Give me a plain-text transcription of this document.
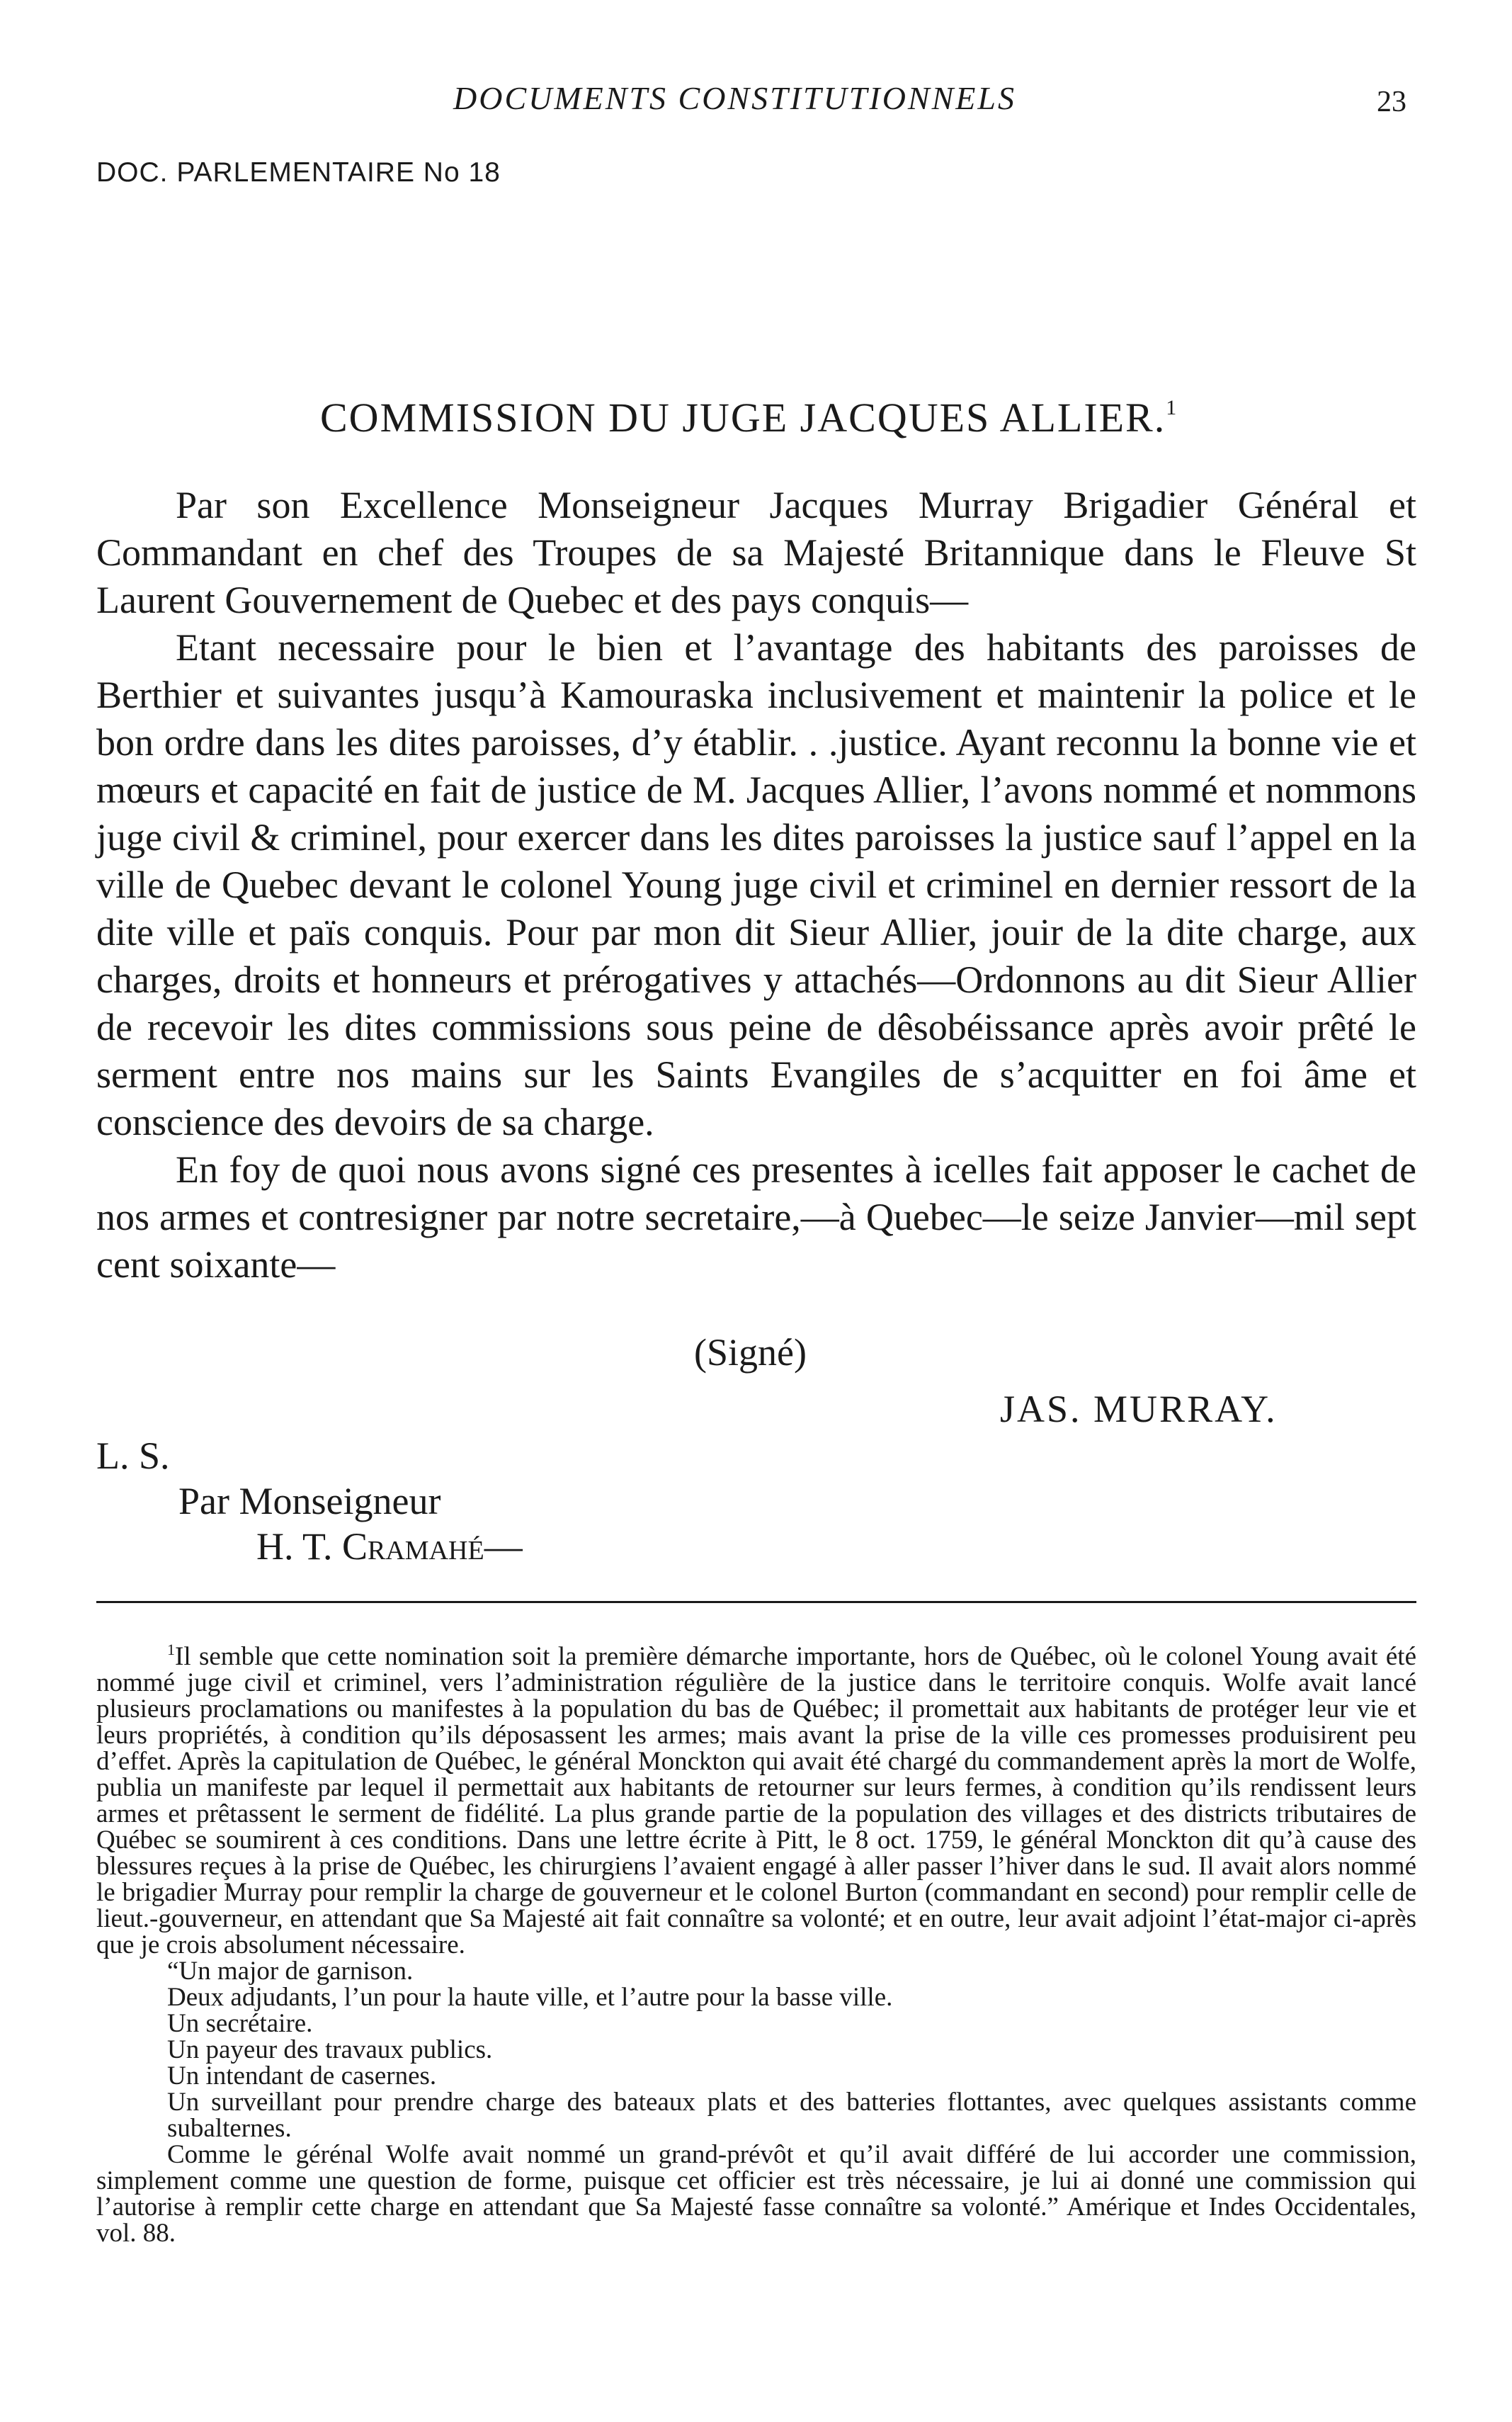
DOCUMENTS CONSTITUTIONNELS	23
DOC. PARLEMENTAIRE No 18
COMMISSION DU JUGE JACQUES ALLIER.$^1$

Par son Excellence Monseigneur Jacques Murray Brigadier Général et Commandant en chef des Troupes de sa Majesté Britannique dans le Fleuve St Laurent Gouvernement de Quebec et des pays conquis—

Etant necessaire pour le bien et l’avantage des habitants des paroisses de Berthier et suivantes jusqu’à Kamouraska inclusivement et maintenir la police et le bon ordre dans les dites paroisses, d’y établir. . .justice. Ayant reconnu la bonne vie et mœurs et capacité en fait de justice de M. Jacques Allier, l’avons nommé et nommons juge civil & criminel, pour exercer dans les dites paroisses la justice sauf l’appel en la ville de Quebec devant le colonel Young juge civil et criminel en dernier ressort de la dite ville et païs conquis. Pour par mon dit Sieur Allier, jouir de la dite charge, aux charges, droits et honneurs et prérogatives y attachés—Ordonnons au dit Sieur Allier de recevoir les dites commissions sous peine de dêsobéissance après avoir prêté le serment entre nos mains sur les Saints Evangiles de s’acquitter en foi âme et conscience des devoirs de sa charge.

En foy de quoi nous avons signé ces presentes à icelles fait apposer le cachet de nos armes et contresigner par notre secretaire,—à Quebec—le seize Janvier—mil sept cent soixante—

(Signé)
JAS. MURRAY.
L. S.
Par Monseigneur
H. T. Cramahé—

$^1$Il semble que cette nomination soit la première démarche importante, hors de Québec, où le colonel Young avait été nommé juge civil et criminel, vers l’administration régulière de la justice dans le territoire conquis. Wolfe avait lancé plusieurs proclamations ou manifestes à la population du bas de Québec; il promettait aux habitants de protéger leur vie et leurs propriétés, à condition qu’ils déposassent les armes; mais avant la prise de la ville ces promesses produisirent peu d’effet. Après la capitulation de Québec, le général Monckton qui avait été chargé du commandement après la mort de Wolfe, publia un manifeste par lequel il permettait aux habitants de retourner sur leurs fermes, à condition qu’ils rendissent leurs armes et prêtassent le serment de fidélité. La plus grande partie de la population des villages et des districts tributaires de Québec se soumirent à ces conditions. Dans une lettre écrite à Pitt, le 8 oct. 1759, le général Monckton dit qu’à cause des blessures reçues à la prise de Québec, les chirurgiens l’avaient engagé à aller passer l’hiver dans le sud. Il avait alors nommé le brigadier Murray pour remplir la charge de gouverneur et le colonel Burton (commandant en second) pour remplir celle de lieut.-gouverneur, en attendant que Sa Majesté ait fait connaître sa volonté; et en outre, leur avait adjoint l’état-major ci-après que je crois absolument nécessaire.

“Un major de garnison.

Deux adjudants, l’un pour la haute ville, et l’autre pour la basse ville.

Un secrétaire.

Un payeur des travaux publics.

Un intendant de casernes.

Un surveillant pour prendre charge des bateaux plats et des batteries flottantes, avec quelques assistants comme subalternes.

Comme le gérénal Wolfe avait nommé un grand-prévôt et qu’il avait différé de lui accorder une commission, simplement comme une question de forme, puisque cet officier est très nécessaire, je lui ai donné une commission qui l’autorise à remplir cette charge en attendant que Sa Majesté fasse connaître sa volonté.” Amérique et Indes Occidentales, vol. 88.
